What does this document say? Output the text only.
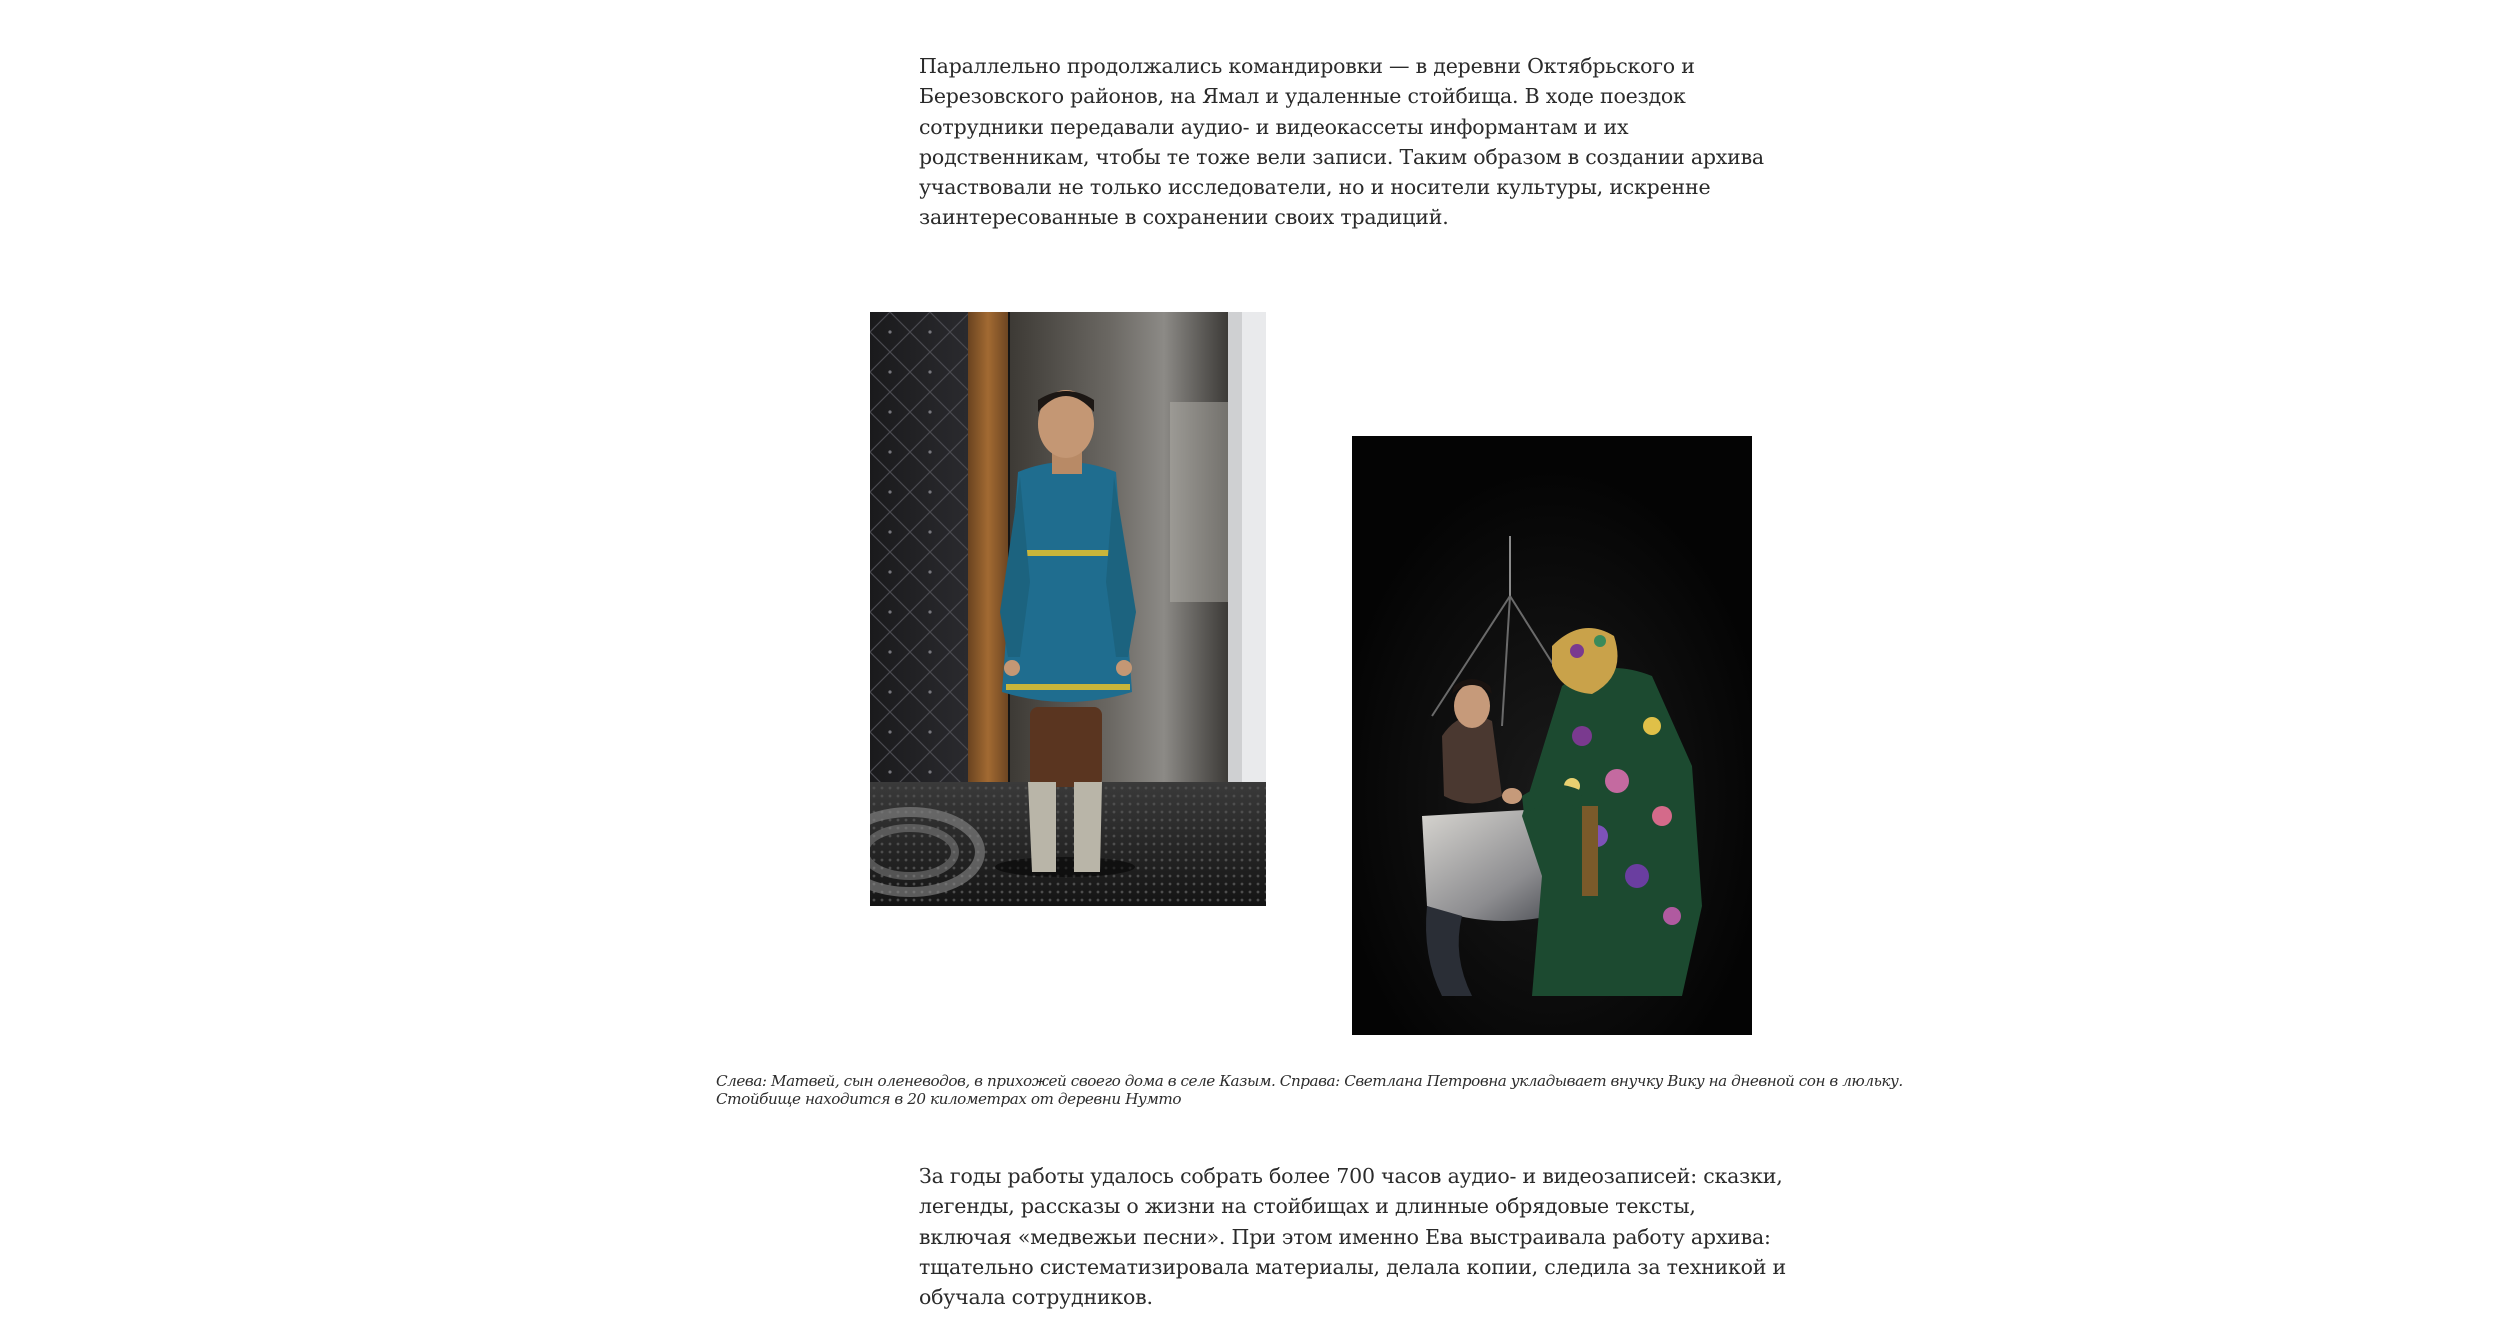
Параллельно продолжались командировки — в деревни Октябрьского и
Березовского районов, на Ямал и удаленные стойбища. В ходе поездок
сотрудники передавали аудио- и видеокассеты информантам и их
родственникам, чтобы те тоже вели записи. Таким образом в создании архива
участвовали не только исследователи, но и носители культуры, искренне
заинтересованные в сохранении своих традиций.

Слева: Матвей, сын оленеводов, в прихожей своего дома в селе Казым. Справа: Светлана Петровна укладывает внучку Вику на дневной сон в люльку.
Стойбище находится в 20 километрах от деревни Нумто

За годы работы удалось собрать более 700 часов аудио- и видеозаписей: сказки,
легенды, рассказы о жизни на стойбищах и длинные обрядовые тексты,
включая «медвежьи песни». При этом именно Ева выстраивала работу архива:
тщательно систематизировала материалы, делала копии, следила за техникой и
обучала сотрудников.
